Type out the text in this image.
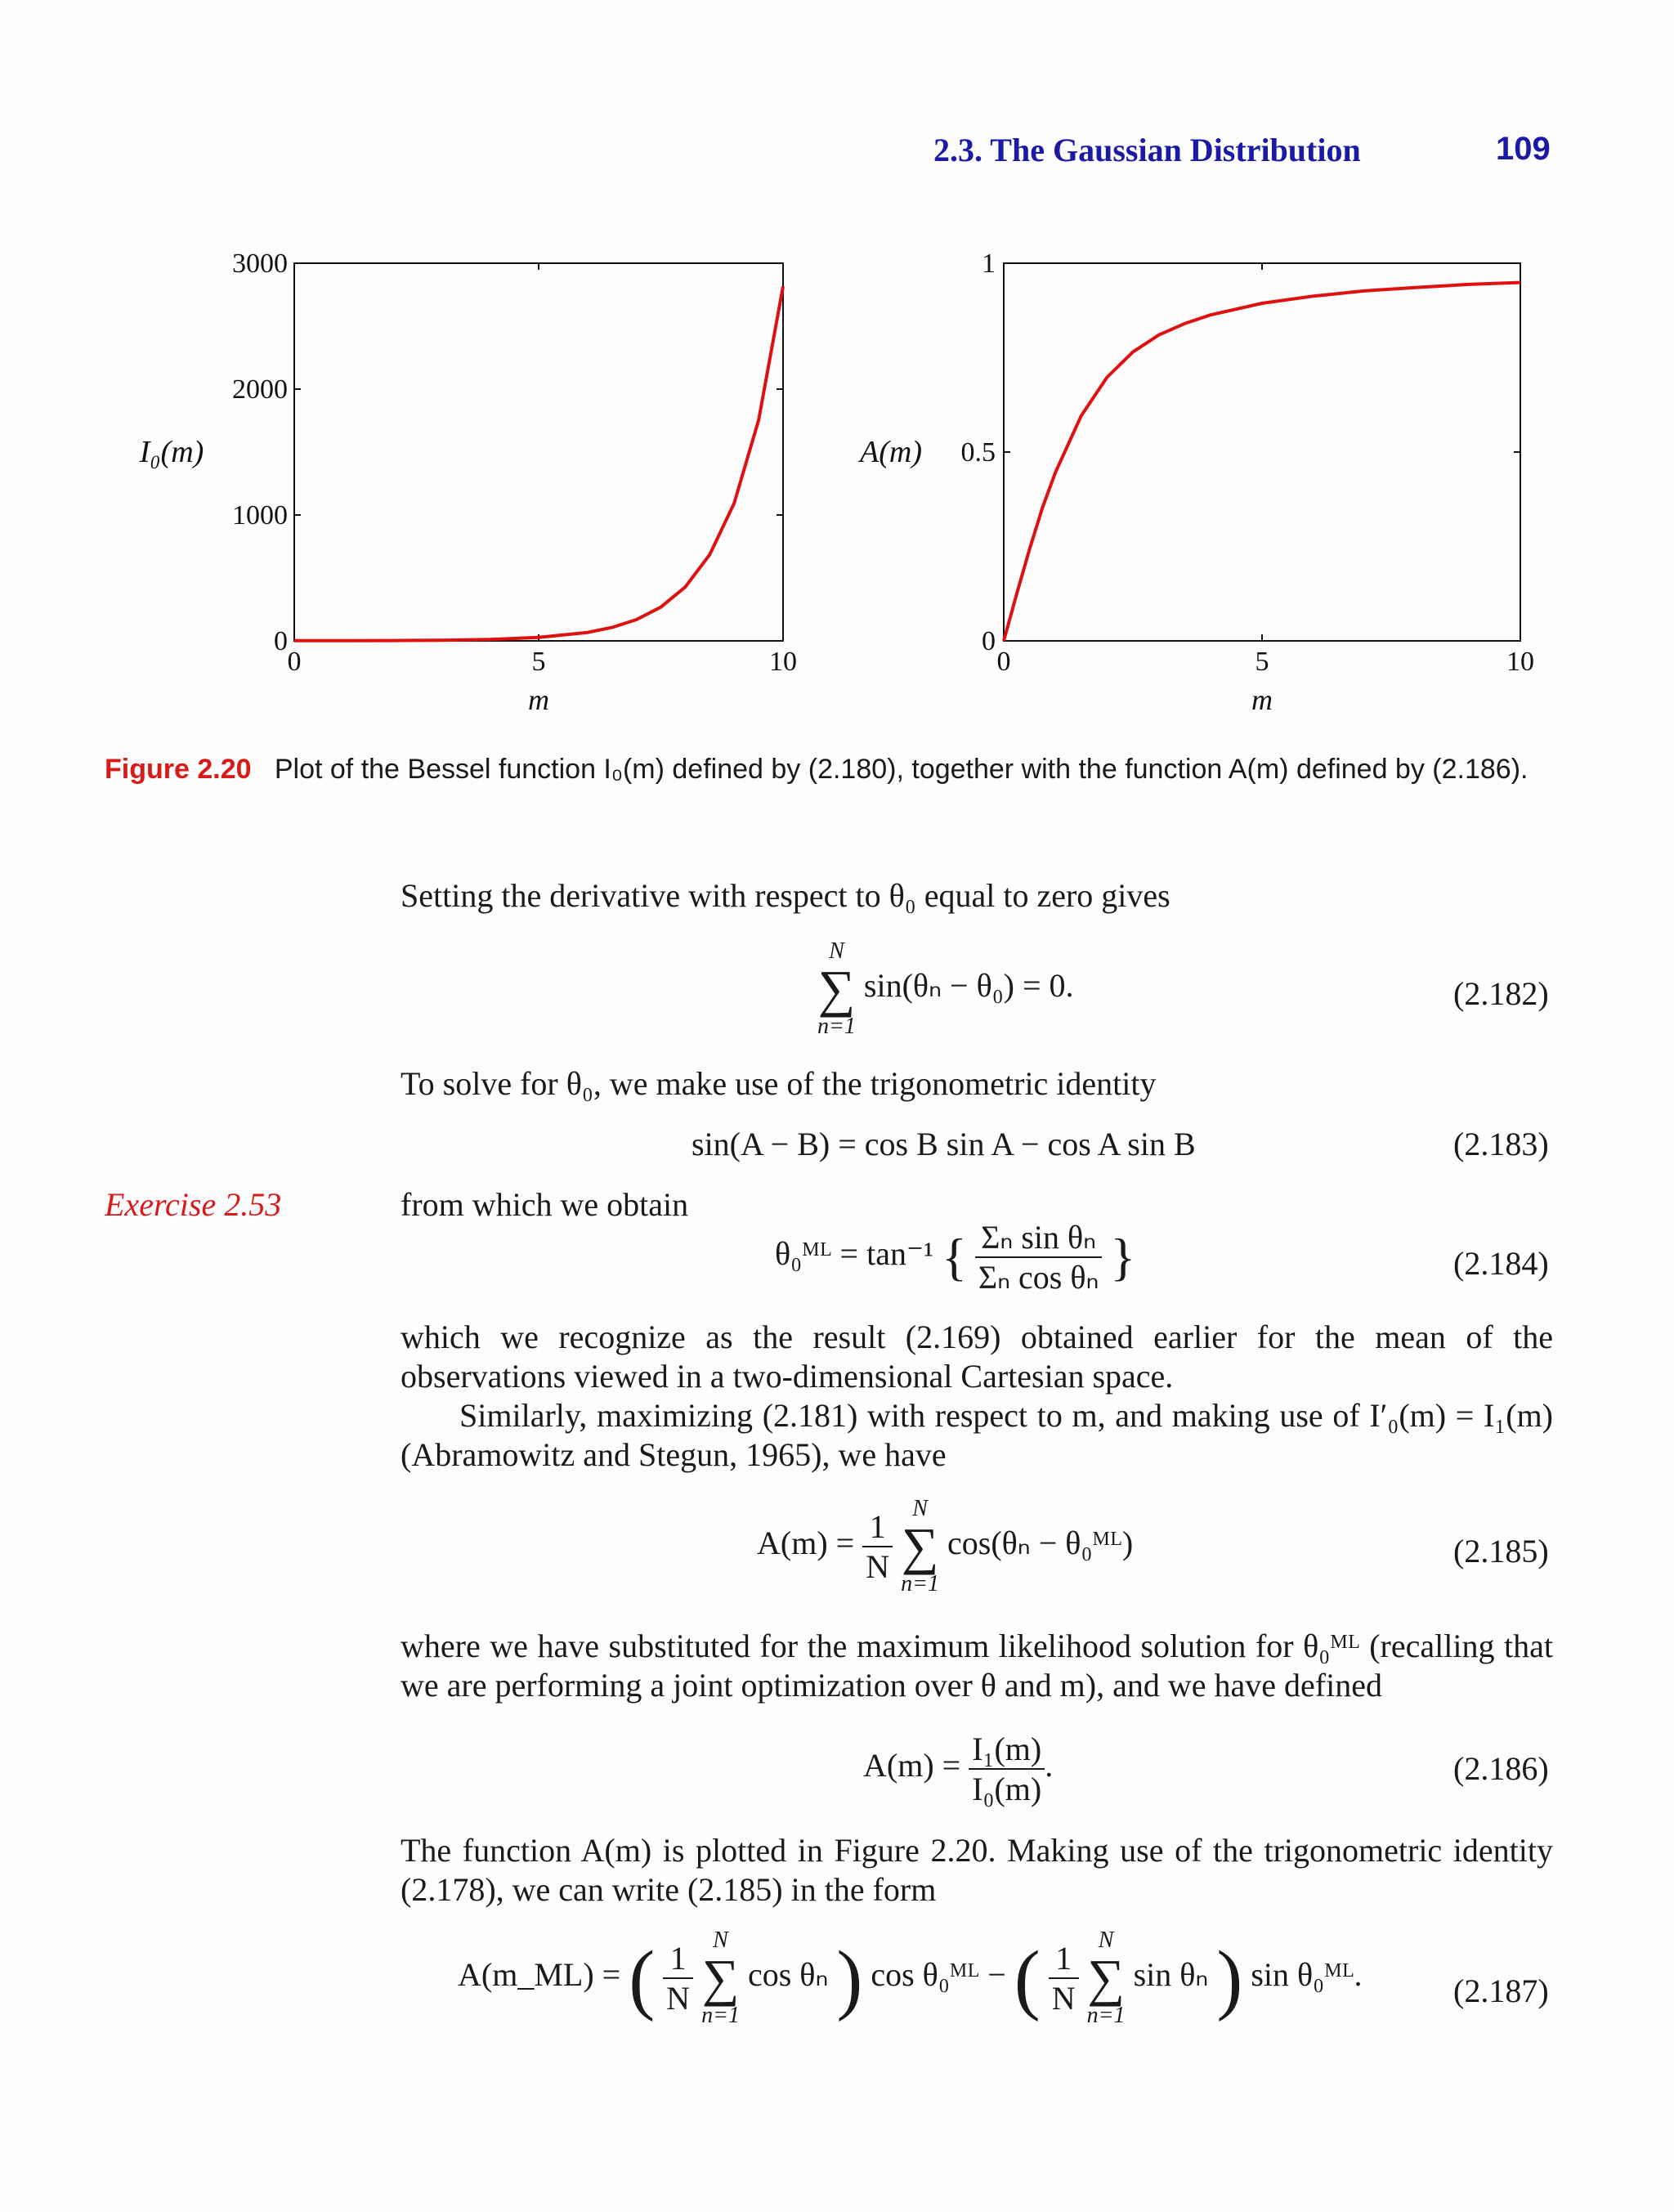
2.3. The Gaussian Distribution	109
0	5	10
0
1000
2000
3000
m
I₀(m)
0	5	10
0
0.5
1
m
A(m)
Figure 2.20 Plot of the Bessel function I₀(m) defined by (2.180), together with the function A(m) defined by (2.186).
Setting the derivative with respect to θ₀ equal to zero gives
N
∑
n=1
sin(θₙ − θ₀) = 0.	(2.182)
To solve for θ₀, we make use of the trigonometric identity
sin(A − B) = cos B sin A − cos A sin B	(2.183)
Exercise 2.53	from which we obtain
θ₀ᴹᴸ = tan⁻¹ { $\frac{\text{Σₙ sin θₙ}}{\text{Σₙ cos θₙ}}$ }	(2.184)
which we recognize as the result (2.169) obtained earlier for the mean of the observations viewed in a two-dimensional Cartesian space.
Similarly, maximizing (2.181) with respect to m, and making use of I′₀(m) = I₁(m) (Abramowitz and Stegun, 1965), we have
$A(m) = \frac{1}{N}$
N
∑
n=1
cos(θₙ − θ₀ᴹᴸ)	(2.185)
where we have substituted for the maximum likelihood solution for θ₀ᴹᴸ (recalling that we are performing a joint optimization over θ and m), and we have defined
$A(m) = \frac{\text{I₁(m)}}{\text{I₀(m)}}$ .	(2.186)
The function A(m) is plotted in Figure 2.20. Making use of the trigonometric identity (2.178), we can write (2.185) in the form
A(m_ML) = ( $\frac{1}{N}$
N
∑
n=1
cos θₙ ) cos θ₀ᴹᴸ − ( $\frac{1}{N}$
N
∑
n=1
sin θₙ ) sin θ₀ᴹᴸ.	(2.187)
